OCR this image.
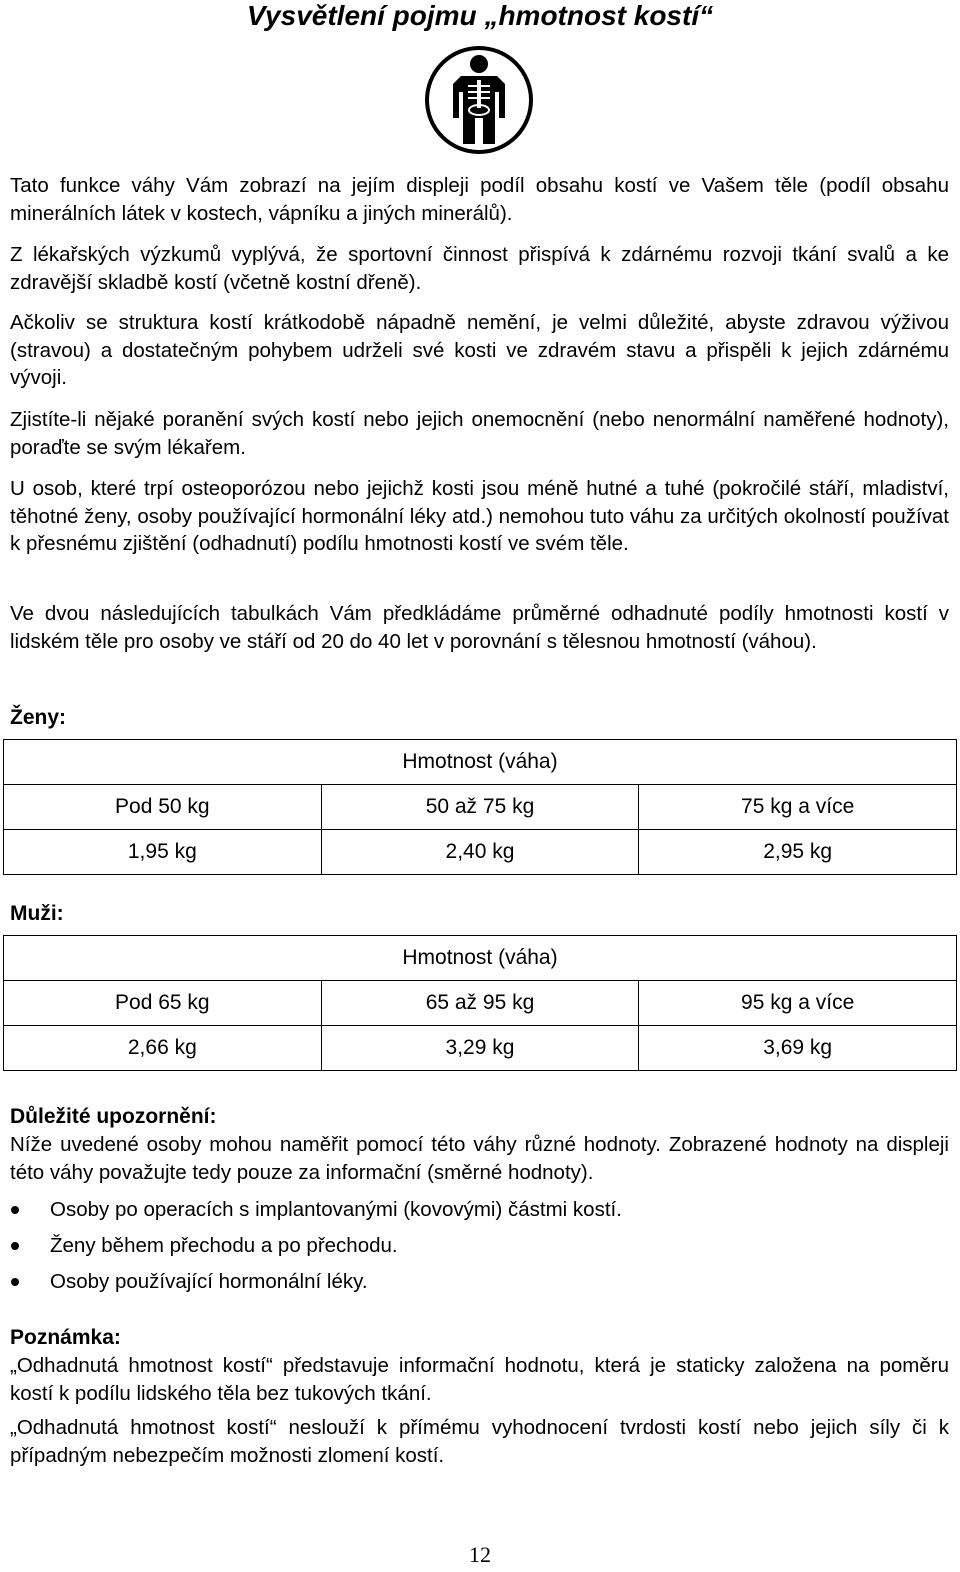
Vysvětlení pojmu „hmotnost kostí“

Tato funkce váhy Vám zobrazí na jejím displeji podíl obsahu kostí ve Vašem těle (podíl obsahu minerálních látek v kostech, vápníku a jiných minerálů).

Z lékařských výzkumů vyplývá, že sportovní činnost přispívá k zdárnému rozvoji tkání svalů a ke zdravější skladbě kostí (včetně kostní dřeně).

Ačkoliv se struktura kostí krátkodobě nápadně nemění, je velmi důležité, abyste zdravou výživou (stravou) a dostatečným pohybem udrželi své kosti ve zdravém stavu a přispěli k jejich zdárnému vývoji.

Zjistíte-li nějaké poranění svých kostí nebo jejich onemocnění (nebo nenormální naměřené hodnoty), poraďte se svým lékařem.

U osob, které trpí osteoporózou nebo jejichž kosti jsou méně hutné a tuhé (pokročilé stáří, mladiství, těhotné ženy, osoby používající hormonální léky atd.) nemohou tuto váhu za určitých okolností používat k přesnému zjištění (odhadnutí) podílu hmotnosti kostí ve svém těle.

Ve dvou následujících tabulkách Vám předkládáme průměrné odhadnuté podíly hmotnosti kostí v lidském těle pro osoby ve stáří od 20 do 40 let v porovnání s tělesnou hmotností (váhou).

Ženy:
Hmotnost (váha)		
Pod 50 kg	50 až 75 kg	75 kg a více
1,95 kg	2,40 kg	2,95 kg
Muži:
Hmotnost (váha)		
Pod 65 kg	65 až 95 kg	95 kg a více
2,66 kg	3,29 kg	3,69 kg
Důležité upozornění:

Níže uvedené osoby mohou naměřit pomocí této váhy různé hodnoty. Zobrazené hodnoty na displeji této váhy považujte tedy pouze za informační (směrné hodnoty).

Osoby po operacích s implantovanými (kovovými) částmi kostí.
Ženy během přechodu a po přechodu.
Osoby používající hormonální léky.
Poznámka:

„Odhadnutá hmotnost kostí“ představuje informační hodnotu, která je staticky založena na poměru kostí k podílu lidského těla bez tukových tkání.

„Odhadnutá hmotnost kostí“ neslouží k přímému vyhodnocení tvrdosti kostí nebo jejich síly či k případným nebezpečím možnosti zlomení kostí.

12
